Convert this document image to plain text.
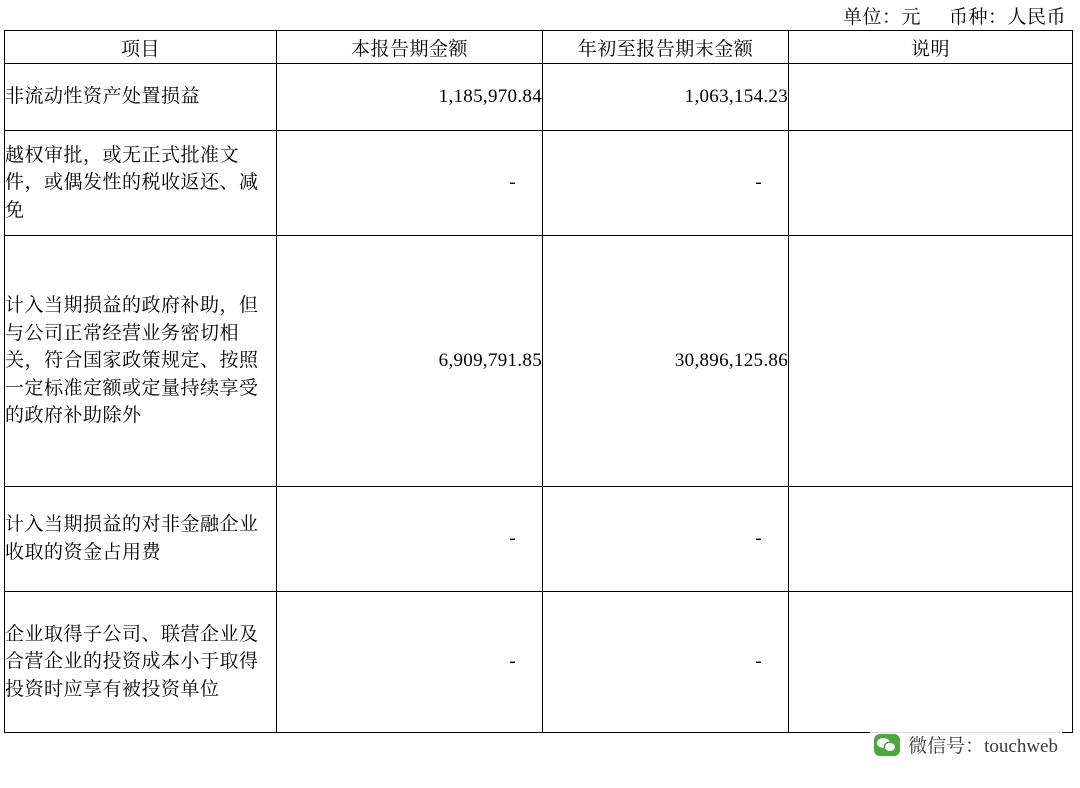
单位：元 币种：人民币
项目	本报告期金额	年初至报告期末金额	说明
非流动性资产处置损益	1,185,970.84	1,063,154.23	
越权审批，或无正式批准文件，或偶发性的税收返还、减免	-	-	
计入当期损益的政府补助，但与公司正常经营业务密切相关，符合国家政策规定、按照一定标准定额或定量持续享受的政府补助除外	6,909,791.85	30,896,125.86	
计入当期损益的对非金融企业收取的资金占用费	-	-	
企业取得子公司、联营企业及合营企业的投资成本小于取得投资时应享有被投资单位	-	-	
微信号：touchweb
